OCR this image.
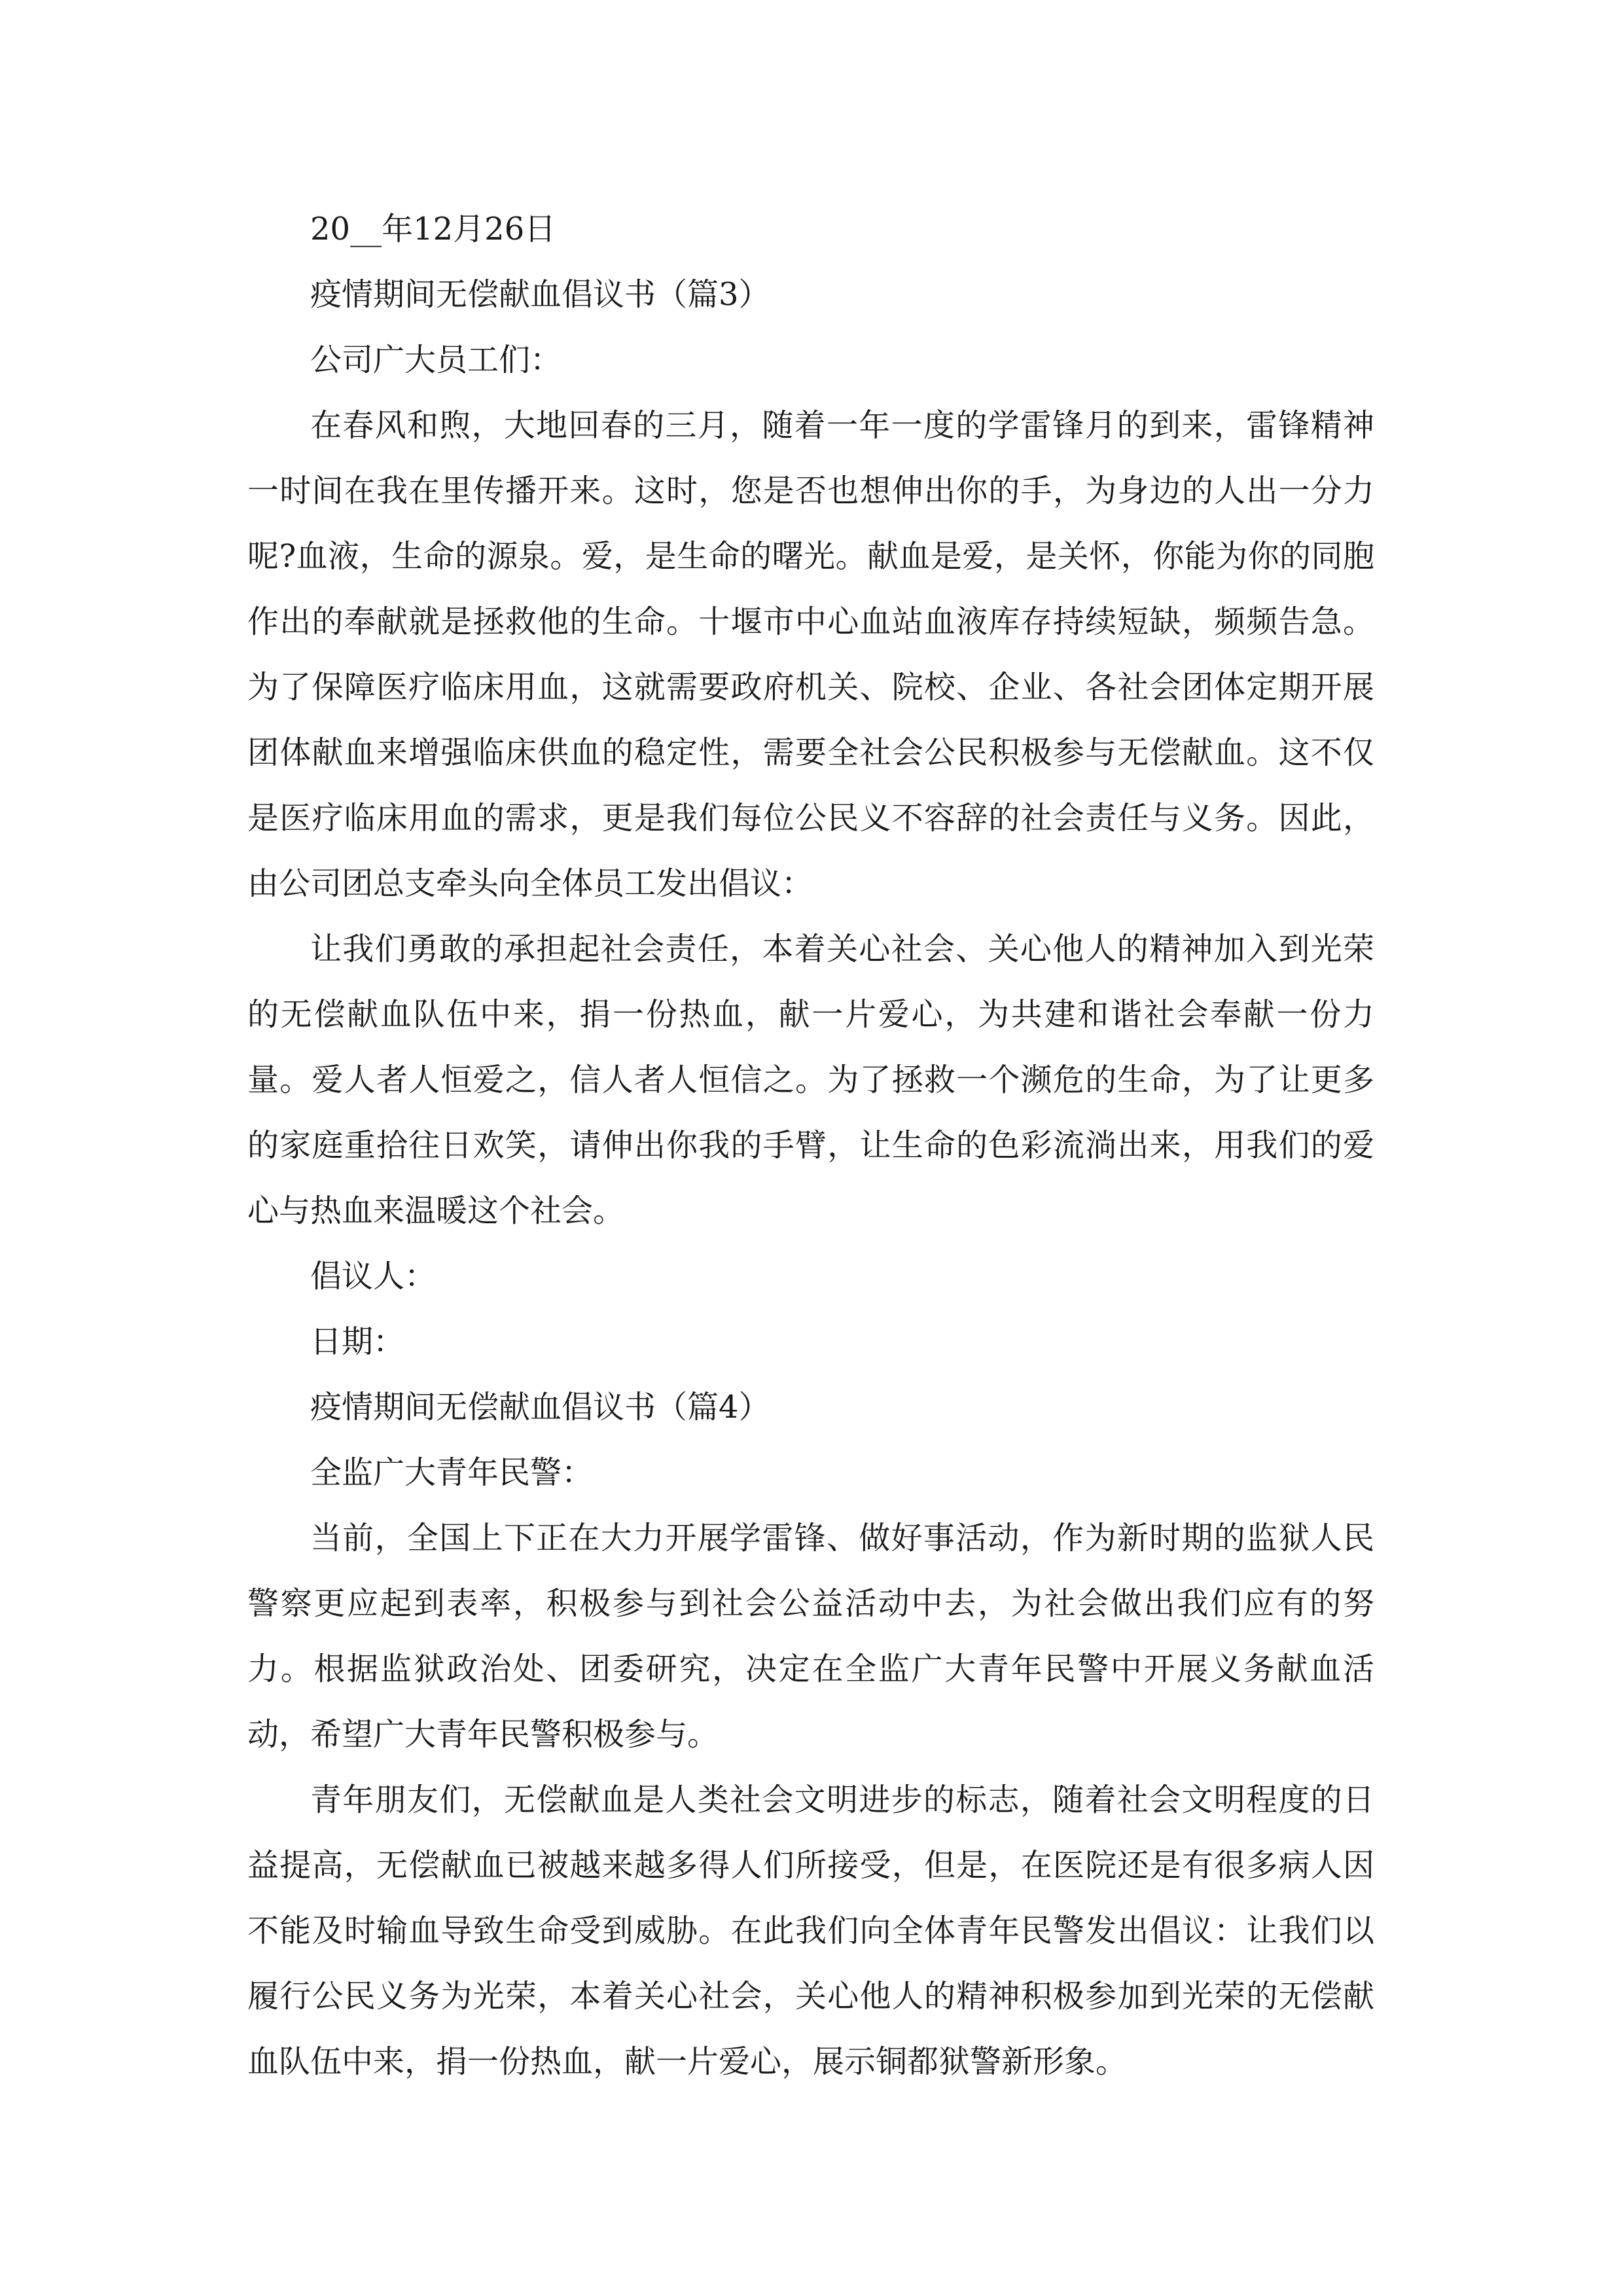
20__年12月26日

疫情期间无偿献血倡议书（篇3）

公司广大员工们：

在春风和煦，大地回春的三月，随着一年一度的学雷锋月的到来，雷锋精神一时间在我在里传播开来。这时，您是否也想伸出你的手，为身边的人出一分力呢?血液，生命的源泉。爱，是生命的曙光。献血是爱，是关怀，你能为你的同胞作出的奉献就是拯救他的生命。十堰市中心血站血液库存持续短缺，频频告急。为了保障医疗临床用血，这就需要政府机关、院校、企业、各社会团体定期开展团体献血来增强临床供血的稳定性，需要全社会公民积极参与无偿献血。这不仅是医疗临床用血的需求，更是我们每位公民义不容辞的社会责任与义务。因此，由公司团总支牵头向全体员工发出倡议：

让我们勇敢的承担起社会责任，本着关心社会、关心他人的精神加入到光荣的无偿献血队伍中来，捐一份热血，献一片爱心，为共建和谐社会奉献一份力量。爱人者人恒爱之，信人者人恒信之。为了拯救一个濒危的生命，为了让更多的家庭重拾往日欢笑，请伸出你我的手臂，让生命的色彩流淌出来，用我们的爱心与热血来温暖这个社会。

倡议人：

日期：

疫情期间无偿献血倡议书（篇4）

全监广大青年民警：

当前，全国上下正在大力开展学雷锋、做好事活动，作为新时期的监狱人民警察更应起到表率，积极参与到社会公益活动中去，为社会做出我们应有的努力。根据监狱政治处、团委研究，决定在全监广大青年民警中开展义务献血活动，希望广大青年民警积极参与。

青年朋友们，无偿献血是人类社会文明进步的标志，随着社会文明程度的日益提高，无偿献血已被越来越多得人们所接受，但是，在医院还是有很多病人因不能及时输血导致生命受到威胁。在此我们向全体青年民警发出倡议：让我们以履行公民义务为光荣，本着关心社会，关心他人的精神积极参加到光荣的无偿献血队伍中来，捐一份热血，献一片爱心，展示铜都狱警新形象。
